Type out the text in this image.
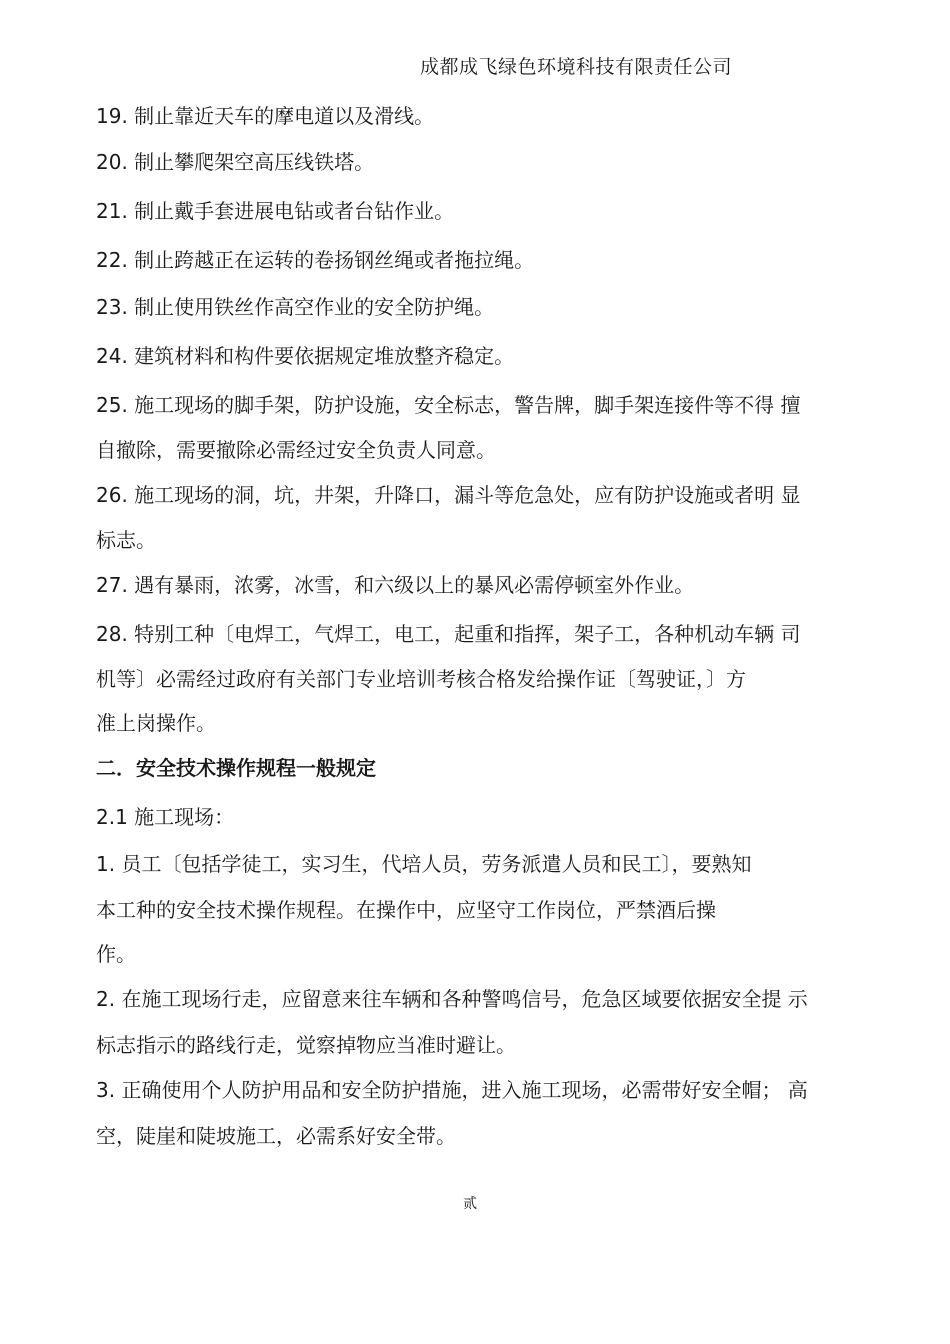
成都成飞绿色环境科技有限责任公司
19. 制止靠近天车的摩电道以及滑线。
20. 制止攀爬架空高压线铁塔。
21. 制止戴手套进展电钻或者台钻作业。
22. 制止跨越正在运转的卷扬钢丝绳或者拖拉绳。
23. 制止使用铁丝作高空作业的安全防护绳。
24. 建筑材料和构件要依据规定堆放整齐稳定。
25. 施工现场的脚手架，防护设施，安全标志，警告牌，脚手架连接件等不得 擅
自撤除，需要撤除必需经过安全负责人同意。
26. 施工现场的洞，坑，井架，升降口，漏斗等危急处，应有防护设施或者明 显
标志。
27. 遇有暴雨，浓雾，冰雪，和六级以上的暴风必需停顿室外作业。
28. 特别工种〔电焊工，气焊工，电工，起重和指挥，架子工，各种机动车辆 司
机等〕必需经过政府有关部门专业培训考核合格发给操作证〔驾驶证，〕方
准上岗操作。
二．安全技术操作规程一般规定
2.1 施工现场：
1. 员工〔包括学徒工，实习生，代培人员，劳务派遣人员和民工〕，要熟知
本工种的安全技术操作规程。在操作中，应坚守工作岗位，严禁酒后操
作。
2. 在施工现场行走，应留意来往车辆和各种警鸣信号，危急区域要依据安全提 示
标志指示的路线行走，觉察掉物应当准时避让。
3. 正确使用个人防护用品和安全防护措施，进入施工现场，必需带好安全帽； 高
空，陡崖和陡坡施工，必需系好安全带。
贰
